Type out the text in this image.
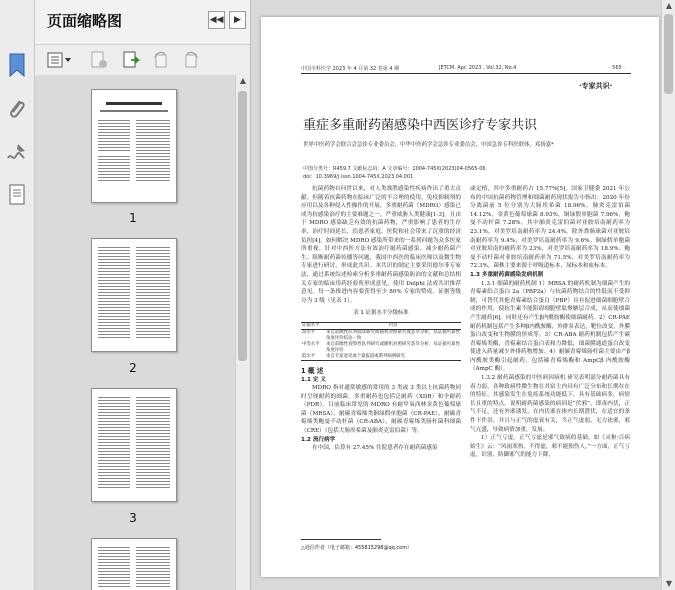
页面缩略图	◀◀	▶
1
2
3
▲
中国全科医学 2023 年 4 月第 32 卷第 4 期	JETCM. Apr. 2023 , Vol.32, No.4	· 565 ·
·专家共识·
重症多重耐药菌感染中西医诊疗专家共识
世界中医药学会联合会急诊专业委员会，中华中医药学会急诊专业委员会，中国急诊专科医联体，邓扬嘉*
中图分类号：R459.7 文献标志码：A 文章编号：1004-745X(2023)04-0565-06
doi：10.3969/j.issn.1004-745X.2023.04.001

抗菌药物自问世以来，对人类战胜感染性疾病作出了重大贡献。但随着抗菌药物在临床广泛的不合理的使用，免疫抑制剂的应用以及各种侵入性操作的开展，多重耐药菌（MDRO）感染已成为抗感染治疗的主要难题之一，严重威胁人类健康[1-3]。且由于 MDRO 感染缺乏有效的抗菌药物，严重影响了患者的生存率，治疗时间延长，给患者家庭、医院和社会带来了沉重的经济负担[4]。如何解决 MDRO 感染所带来的一系列问题为众多医家所重视。针对中西医方法有效治疗耐药菌感染、减少耐药菌产生、阻断耐药菌传播等问题，我国中西医的临床医师以及微生物专家进行研讨，形成此共识。本共识的制定主要采用德尔菲专家法，通过系统综述检索分析多重耐药菌感染防治的文献和总结相关专家的临床用药经验所形成意见，使用 Delphi 法成共识推荐意见。每一条推进内容要获得至少 80% 专家的赞成。证据等级分为 3 级（见表 1）。

表 1 证据水平分级标准
证据水平	内容
高水平	来自前瞻性队列临床研究或随机对照研究或荟萃分析，从证据可靠性角度评价结论一致
中等水平	来自前瞻性观察性队列研究或随机对照研究荟萃分析，从证据可靠性角度评价
低水平	来自专家意见或个案报道或系列病例研究

1 概 述

1.1 定 义

MDRO 指对通常敏感的常用的 3 类或 3 类以上抗菌药物同时呈现耐药的细菌。多重耐药也包括泛耐药（XDR）和全耐药（PDR）。目前临床常见的 MDRO 有耐甲氧西林金黄色葡萄球菌（MRSA）、耐碳青霉烯类铜绿假单胞菌（CR-PAE）、耐碳青霉烯类鲍曼不动杆菌（CR-ABA）、耐碳青霉烯类肠杆菌科细菌（CRE）（包括大肠埃希菌及肺炎克雷伯菌）等。

1.2 流行病学

在中国，估算有 27.45% 住院患者存在耐药菌感染

△通信作者（电子邮箱：455815298@qq.com）

或定植，其中多重耐药占 15.77%[5]。国家卫健委 2021 年公布的中国抗菌药物管理和细菌耐药现状报告中指出：2020 年份分离菌前 5 位分别为大肠埃希菌 18.96%，肺炎克雷伯菌 14.12%，金黄色葡萄球菌 8.93%，铜绿假单胞菌 7.96%，鲍曼不动杆菌 7.28%。其中肺炎克雷伯菌对亚胺培南耐药率为 23.1%，对美罗培南耐药率为 24.4%。除外粪肠球菌对亚胺培南耐药率为 9.4%，对美罗培南耐药率为 9.6%。铜绿假单胞菌对亚胺培南的耐药率为 23%，对美罗培南耐药率为 18.9%。鲍曼不动杆菌对亚胺培南耐药率为 71.5%，对美罗培南耐药率为 72.3%。菌株主要来源于呼吸道标本，尿标本和血标本。

1.3 多重耐药菌感染发病机制

1.3.1 细菌的耐药机制 1）MRSA 的耐药机制为细菌产生的青霉素结合蛋白 2a（PBP2a）与抗菌药物结合的性低而不受抑制，可替代其他青霉素结合蛋白（PBP）具有促进细菌细胞壁合成的作用，使抗生素不能阻碍细胞壁肽聚糖层合成，从而使细菌产生耐药[6]。同时还有产生β内酰胺酶使细菌耐药。2）CR-PAE 耐药机制包括产生多种β内酰胺酶，外排泵表达，靶位改变，外膜蛋白改变和生物膜的形成等。3）CR-ABA 耐药机制包括产生碳青霉烯类酶，青霉素结合蛋白表和力降低，细菌膜通道蛋白改变使进入药量减少外排药物增加。4）耐碳青霉烯肠杆菌主要由产β内酰胺类酶引起耐药，包括碳青霉烯酶和 AmpCβ 内酰胺酶（AmpC 酶）。

1.3.2 耐药菌感染的中医病因病机 研究表明部分耐药菌具有毒力弱，各种致病性微生物在其宿主内具有广泛分布和长期存在的特征，其感染发生在免疫系统功能低下，具有基础病多，病情长且重的特点。说明耐药菌感染的病因是“伏邪”，即毒内伏，正气不足，还有外邪诱发，在内伏邪在体内长期潜伏，在适宜的条件下作祟，并且与正气的虚衰有关，当正气虚弱，无力祛邪，邪气亢盛，导致病情加重，发展。

1）正气亏虚。正气亏虚是邪气致病的基础。如《灵枢·百病始生》云：“风雨寒热，不得虚，邪不能独伤人。”一方面，正气亏虚，识别、防御邪气的能力下降，

▲
▼
